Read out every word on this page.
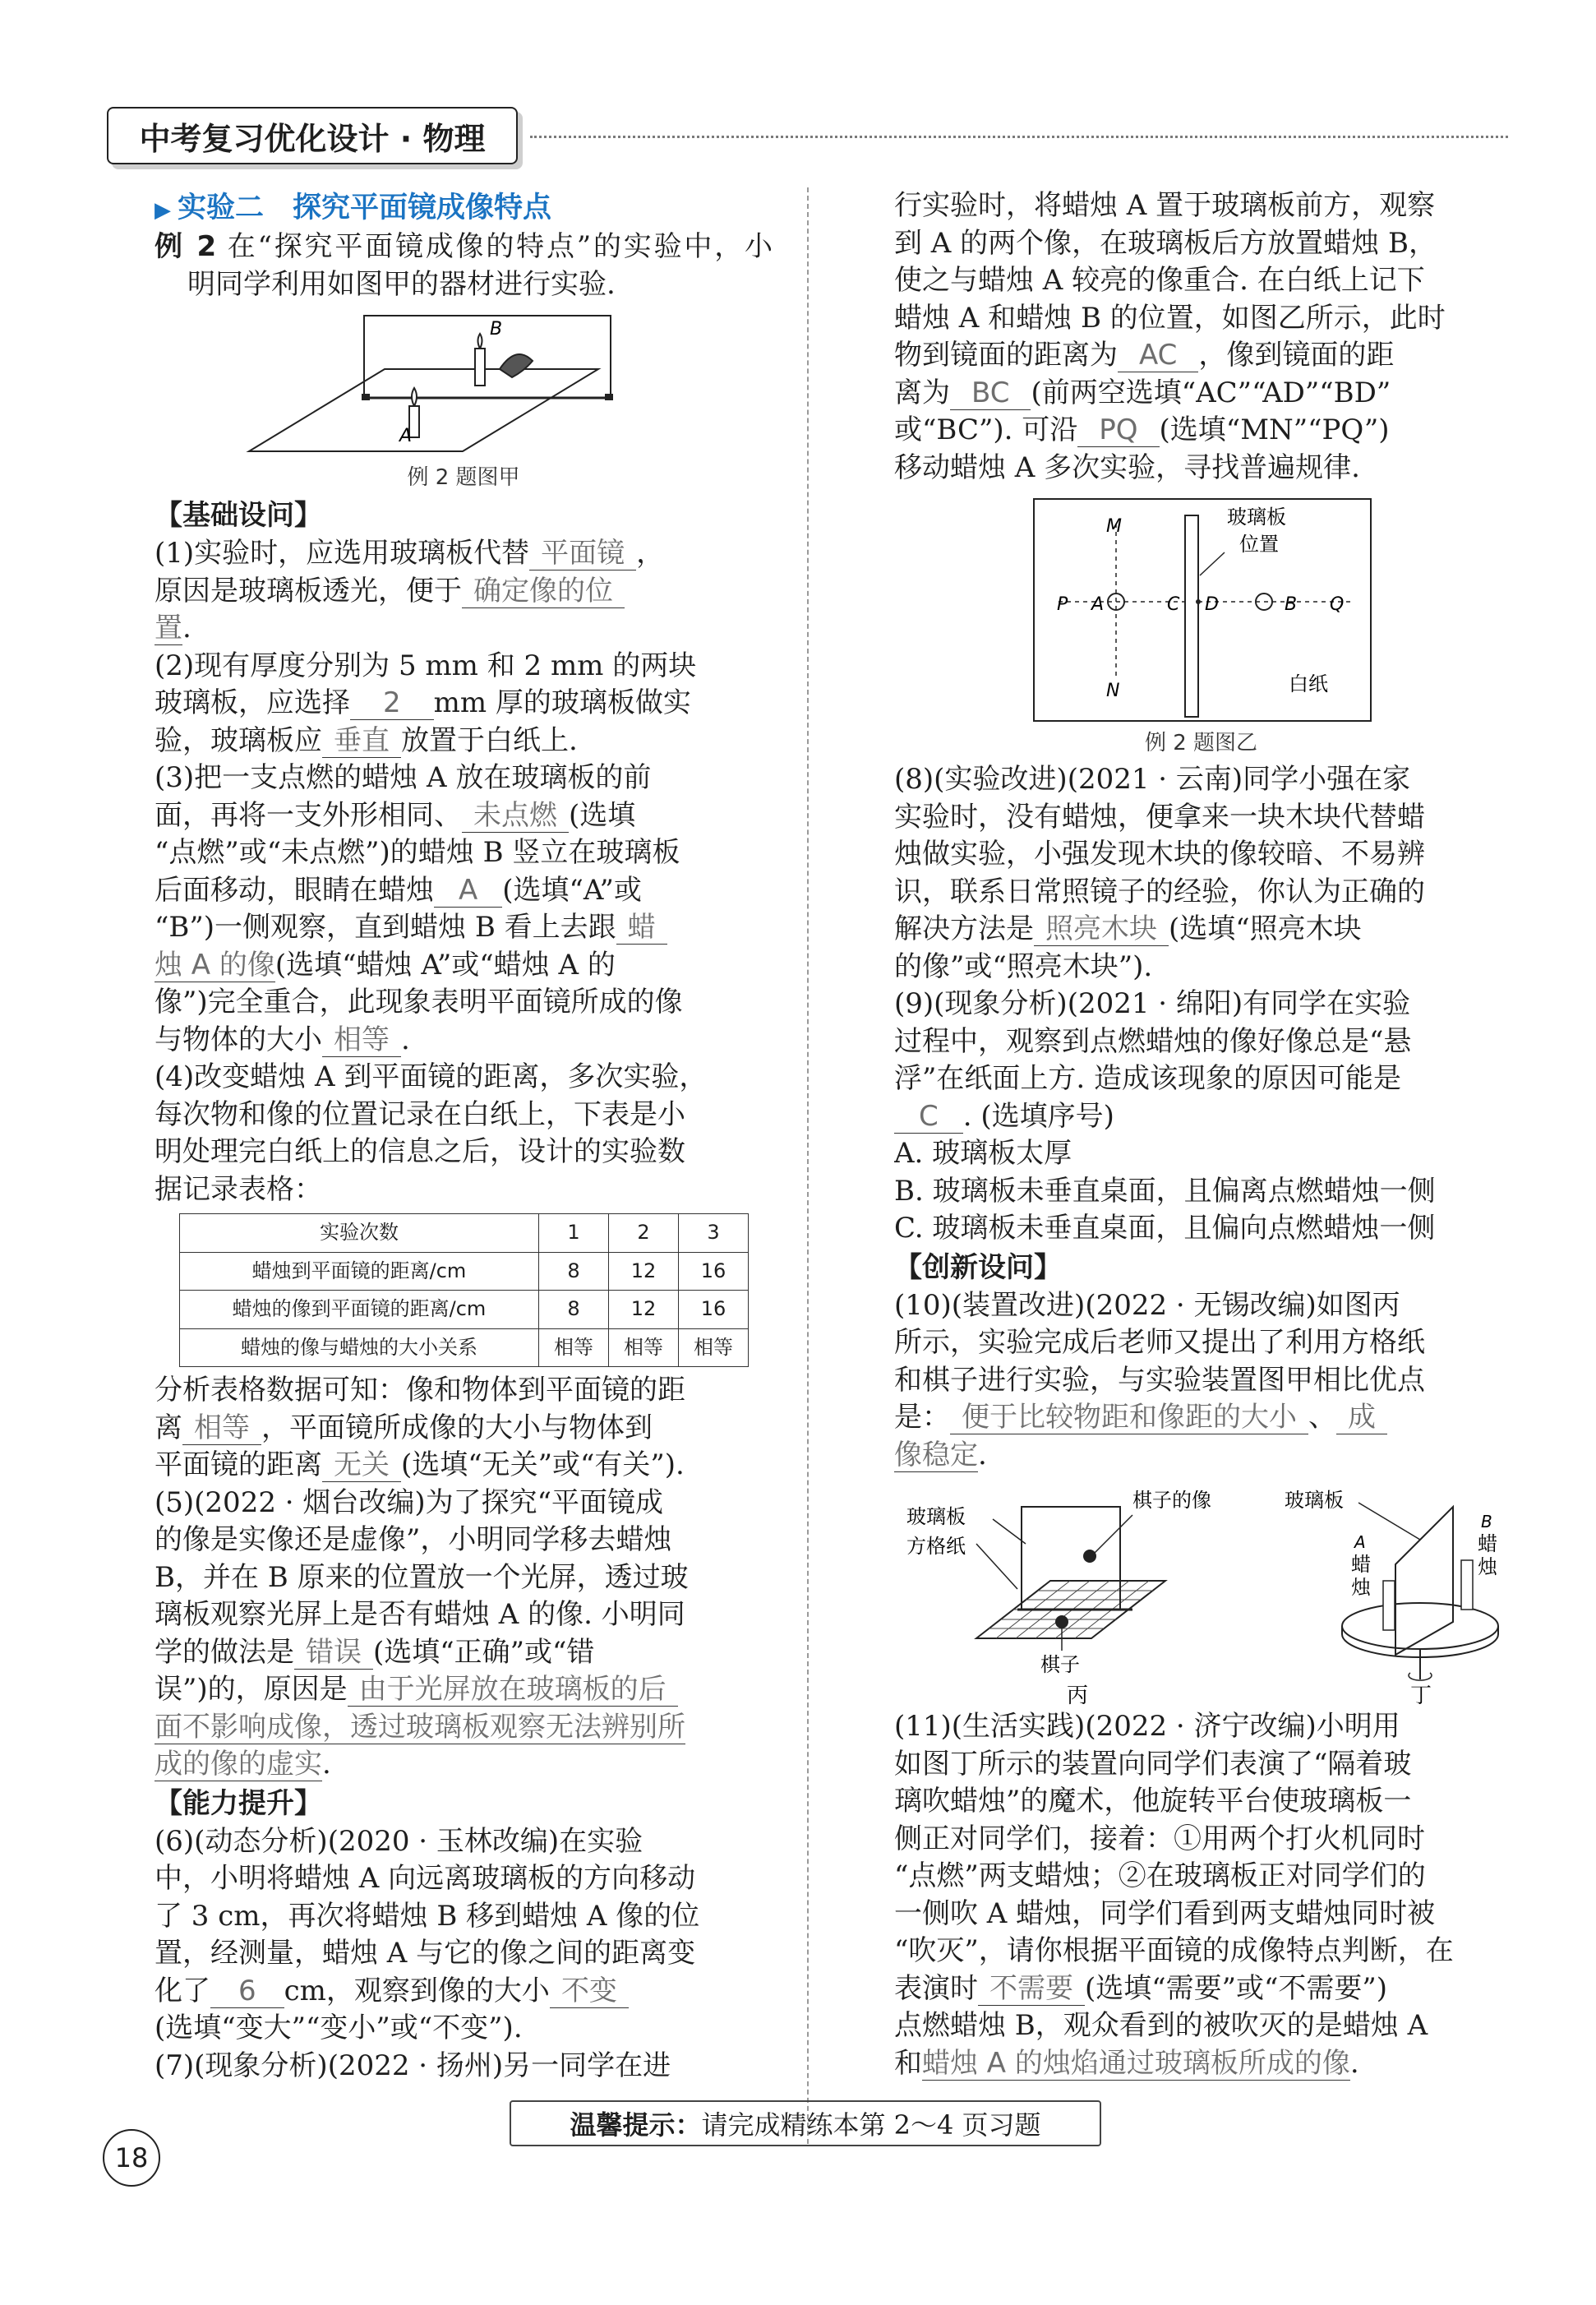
中考复习优化设计 · 物理
▶ 实验二　探究平面镜成像特点
例 2 在“探究平面镜成像的特点”的实验中，小
明同学利用如图甲的器材进行实验.
A
B
例 2 题图甲
【基础设问】
(1)实验时，应选用玻璃板代替 平面镜 ，
原因是玻璃板透光，便于 确定像的位
置.
(2)现有厚度分别为 5 mm 和 2 mm 的两块
玻璃板，应选择 2 mm 厚的玻璃板做实
验，玻璃板应 垂直 放置于白纸上.
(3)把一支点燃的蜡烛 A 放在玻璃板的前
面，再将一支外形相同、 未点燃 (选填
“点燃”或“未点燃”)的蜡烛 B 竖立在玻璃板
后面移动，眼睛在蜡烛 A (选填“A”或
“B”)一侧观察，直到蜡烛 B 看上去跟 蜡
烛 A 的像(选填“蜡烛 A”或“蜡烛 A 的
像”)完全重合，此现象表明平面镜所成的像
与物体的大小 相等 .
(4)改变蜡烛 A 到平面镜的距离，多次实验，
每次物和像的位置记录在白纸上，下表是小
明处理完白纸上的信息之后，设计的实验数
据记录表格：
实验次数	1	2	3
蜡烛到平面镜的距离/cm	8	12	16
蜡烛的像到平面镜的距离/cm	8	12	16
蜡烛的像与蜡烛的大小关系	相等	相等	相等
分析表格数据可知：像和物体到平面镜的距
离 相等 ，平面镜所成像的大小与物体到
平面镜的距离 无关 (选填“无关”或“有关”).
(5)(2022 · 烟台改编)为了探究“平面镜成
的像是实像还是虚像”，小明同学移去蜡烛
B，并在 B 原来的位置放一个光屏，透过玻
璃板观察光屏上是否有蜡烛 A 的像. 小明同
学的做法是 错误 (选填“正确”或“错
误”)的，原因是 由于光屏放在玻璃板的后
面不影响成像，透过玻璃板观察无法辨别所
成的像的虚实.
【能力提升】
(6)(动态分析)(2020 · 玉林改编)在实验
中，小明将蜡烛 A 向远离玻璃板的方向移动
了 3 cm，再次将蜡烛 B 移到蜡烛 A 像的位
置，经测量，蜡烛 A 与它的像之间的距离变
化了 6 cm，观察到像的大小 不变
(选填“变大”“变小”或“不变”).
(7)(现象分析)(2022 · 扬州)另一同学在进
行实验时，将蜡烛 A 置于玻璃板前方，观察
到 A 的两个像，在玻璃板后方放置蜡烛 B，
使之与蜡烛 A 较亮的像重合. 在白纸上记下
蜡烛 A 和蜡烛 B 的位置，如图乙所示，此时
物到镜面的距离为 AC ，像到镜面的距
离为 BC (前两空选填“AC”“AD”“BD”
或“BC”). 可沿 PQ (选填“MN”“PQ”)
移动蜡烛 A 多次实验，寻找普遍规律.
M
N
P A	C D	B Q
玻璃板
位置
白纸
例 2 题图乙
(8)(实验改进)(2021 · 云南)同学小强在家
实验时，没有蜡烛，便拿来一块木块代替蜡
烛做实验，小强发现木块的像较暗、不易辨
识，联系日常照镜子的经验，你认为正确的
解决方法是 照亮木块 (选填“照亮木块
的像”或“照亮木块”).
(9)(现象分析)(2021 · 绵阳)有同学在实验
过程中，观察到点燃蜡烛的像好像总是“悬
浮”在纸面上方. 造成该现象的原因可能是
C . (选填序号)
A. 玻璃板太厚
B. 玻璃板未垂直桌面，且偏离点燃蜡烛一侧
C. 玻璃板未垂直桌面，且偏向点燃蜡烛一侧
【创新设问】
(10)(装置改进)(2022 · 无锡改编)如图丙
所示，实验完成后老师又提出了利用方格纸
和棋子进行实验，与实验装置图甲相比优点
是： 便于比较物距和像距的大小 、 成
像稳定.
玻璃板
方格纸
棋子的像
棋子
丙
玻璃板
A
蜡
烛
B
蜡
烛
丁
(11)(生活实践)(2022 · 济宁改编)小明用
如图丁所示的装置向同学们表演了“隔着玻
璃吹蜡烛”的魔术，他旋转平台使玻璃板一
侧正对同学们，接着：①用两个打火机同时
“点燃”两支蜡烛；②在玻璃板正对同学们的
一侧吹 A 蜡烛，同学们看到两支蜡烛同时被
“吹灭”，请你根据平面镜的成像特点判断，在
表演时 不需要 (选填“需要”或“不需要”)
点燃蜡烛 B，观众看到的被吹灭的是蜡烛 A
和蜡烛 A 的烛焰通过玻璃板所成的像.
温馨提示： 请完成精练本第 2～4 页习题
18
